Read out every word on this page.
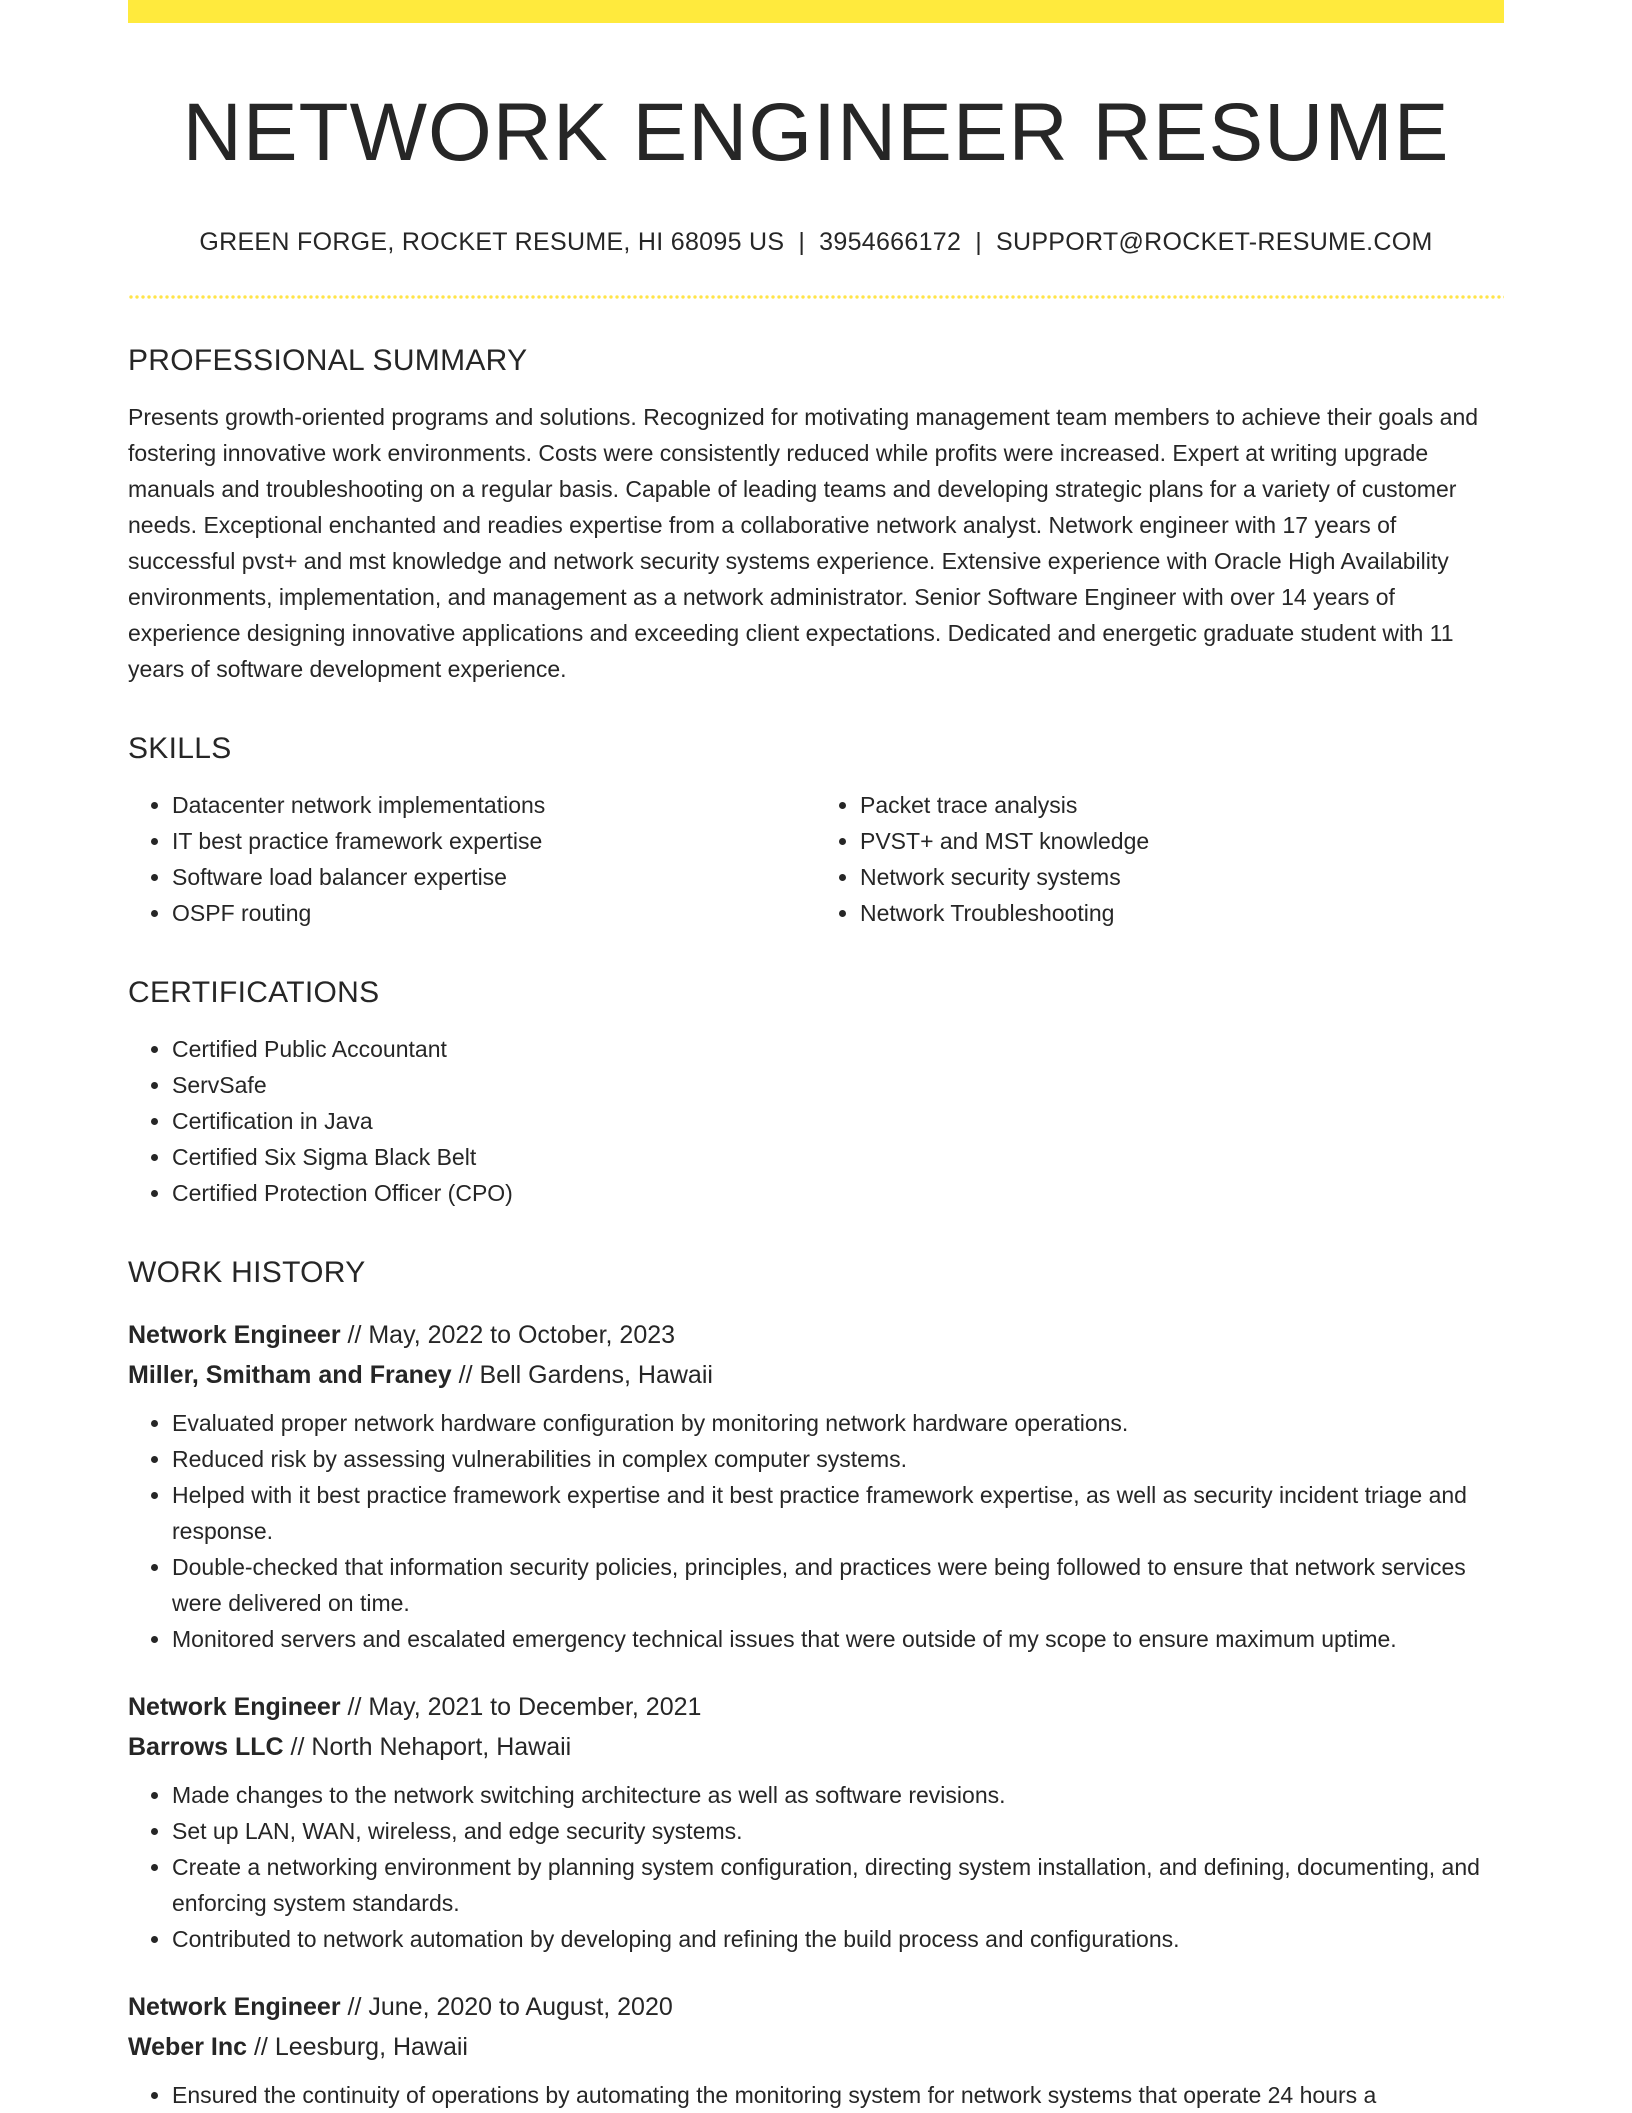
NETWORK ENGINEER RESUME
GREEN FORGE, ROCKET RESUME, HI 68095 US | 3954666172 | SUPPORT@ROCKET-RESUME.COM
PROFESSIONAL SUMMARY
Presents growth-oriented programs and solutions. Recognized for motivating management team members to achieve their goals and fostering innovative work environments. Costs were consistently reduced while profits were increased. Expert at writing upgrade manuals and troubleshooting on a regular basis. Capable of leading teams and developing strategic plans for a variety of customer needs. Exceptional enchanted and readies expertise from a collaborative network analyst. Network engineer with 17 years of successful pvst+ and mst knowledge and network security systems experience. Extensive experience with Oracle High Availability environments, implementation, and management as a network administrator. Senior Software Engineer with over 14 years of experience designing innovative applications and exceeding client expectations. Dedicated and energetic graduate student with 11 years of software development experience.
SKILLS
• Datacenter network implementations
• IT best practice framework expertise
• Software load balancer expertise
• OSPF routing
• Packet trace analysis
• PVST+ and MST knowledge
• Network security systems
• Network Troubleshooting
CERTIFICATIONS
• Certified Public Accountant
• ServSafe
• Certification in Java
• Certified Six Sigma Black Belt
• Certified Protection Officer (CPO)
WORK HISTORY
Network Engineer // May, 2022 to October, 2023
Miller, Smitham and Franey // Bell Gardens, Hawaii
• Evaluated proper network hardware configuration by monitoring network hardware operations.
• Reduced risk by assessing vulnerabilities in complex computer systems.
• Helped with it best practice framework expertise and it best practice framework expertise, as well as security incident triage and response.
• Double-checked that information security policies, principles, and practices were being followed to ensure that network services were delivered on time.
• Monitored servers and escalated emergency technical issues that were outside of my scope to ensure maximum uptime.
Network Engineer // May, 2021 to December, 2021
Barrows LLC // North Nehaport, Hawaii
• Made changes to the network switching architecture as well as software revisions.
• Set up LAN, WAN, wireless, and edge security systems.
• Create a networking environment by planning system configuration, directing system installation, and defining, documenting, and enforcing system standards.
• Contributed to network automation by developing and refining the build process and configurations.
Network Engineer // June, 2020 to August, 2020
Weber Inc // Leesburg, Hawaii
• Ensured the continuity of operations by automating the monitoring system for network systems that operate 24 hours a
